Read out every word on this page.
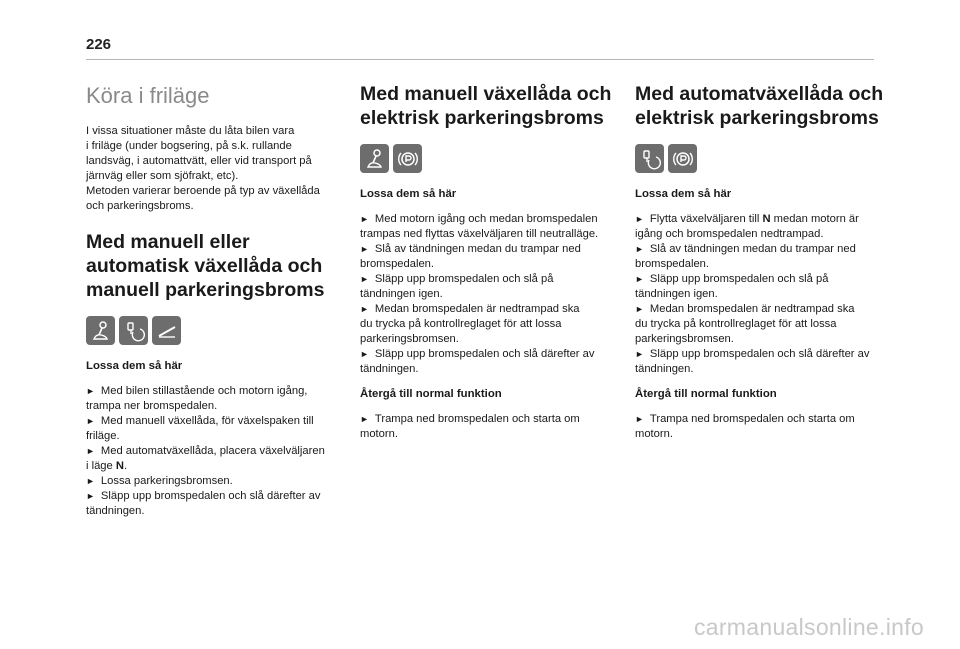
226
Köra i friläge

I vissa situationer måste du låta bilen vara
i friläge (under bogsering, på s.k. rullande
landsväg, i automattvätt, eller vid transport på
järnväg eller som sjöfrakt, etc).
Metoden varierar beroende på typ av växellåda
och parkeringsbroms.

Med manuell eller
automatisk växellåda och
manuell parkeringsbroms
Lossa dem så här
► Med bilen stillastående och motorn igång,
trampa ner bromspedalen.
► Med manuell växellåda, för växelspaken till
friläge.
► Med automatväxellåda, placera växelväljaren
i läge N.
► Lossa parkeringsbromsen.
► Släpp upp bromspedalen och slå därefter av
tändningen.
Med manuell växellåda och
elektrisk parkeringsbroms
Lossa dem så här
► Med motorn igång och medan bromspedalen
trampas ned flyttas växelväljaren till neutralläge.
► Slå av tändningen medan du trampar ned
bromspedalen.
► Släpp upp bromspedalen och slå på
tändningen igen.
► Medan bromspedalen är nedtrampad ska
du trycka på kontrollreglaget för att lossa
parkeringsbromsen.
► Släpp upp bromspedalen och slå därefter av
tändningen.
Återgå till normal funktion
► Trampa ned bromspedalen och starta om
motorn.
Med automatväxellåda och
elektrisk parkeringsbroms
Lossa dem så här
► Flytta växelväljaren till N medan motorn är
igång och bromspedalen nedtrampad.
► Slå av tändningen medan du trampar ned
bromspedalen.
► Släpp upp bromspedalen och slå på
tändningen igen.
► Medan bromspedalen är nedtrampad ska
du trycka på kontrollreglaget för att lossa
parkeringsbromsen.
► Släpp upp bromspedalen och slå därefter av
tändningen.
Återgå till normal funktion
► Trampa ned bromspedalen och starta om
motorn.
carmanualsonline.info
